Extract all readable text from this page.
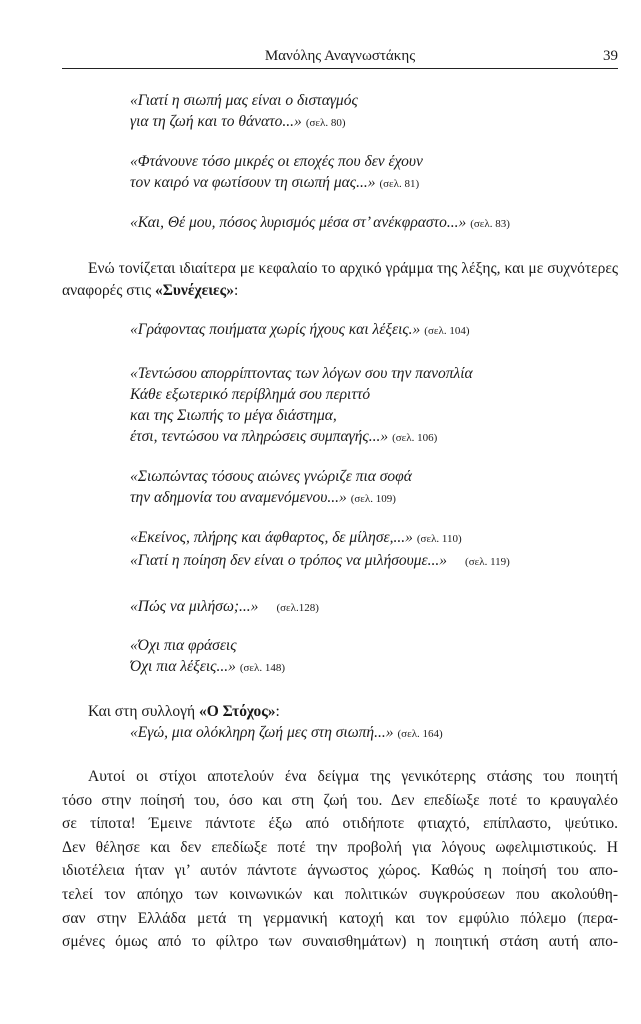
Μανόλης Αναγνωστάκης	39
«Γιατί η σιωπή μας είναι ο δισταγμός
για τη ζωή και το θάνατο...» (σελ. 80)
«Φτάνουνε τόσο μικρές οι εποχές που δεν έχουν
τον καιρό να φωτίσουν τη σιωπή μας...» (σελ. 81)
«Και, Θέ μου, πόσος λυρισμός μέσα στ’ ανέκφραστο...» (σελ. 83)
Ενώ τονίζεται ιδιαίτερα με κεφαλαίο το αρχικό γράμμα της λέξης, και με συχνότερες αναφορές στις «Συνέχειες»:
«Γράφοντας ποιήματα χωρίς ήχους και λέξεις.» (σελ. 104)
«Τεντώσου απορρίπτοντας των λόγων σου την πανοπλία
Κάθε εξωτερικό περίβλημά σου περιττό
και της Σιωπής το μέγα διάστημα,
έτσι, τεντώσου να πληρώσεις συμπαγής...» (σελ. 106)
«Σιωπώντας τόσους αιώνες γνώριζε πια σοφά
την αδημονία του αναμενόμενου...» (σελ. 109)
«Εκείνος, πλήρης και άφθαρτος, δε μίλησε,...» (σελ. 110)
«Γιατί η ποίηση δεν είναι ο τρόπος να μιλήσουμε...» (σελ. 119)
«Πώς να μιλήσω;...» (σελ.128)
«Όχι πια φράσεις
Όχι πια λέξεις...» (σελ. 148)
Και στη συλλογή «Ο Στόχος»:
«Εγώ, μια ολόκληρη ζωή μες στη σιωπή...» (σελ. 164)
Αυτοί οι στίχοι αποτελούν ένα δείγμα της γενικότερης στάσης του ποιητή
τόσο στην ποίησή του, όσο και στη ζωή του. Δεν επεδίωξε ποτέ το κραυγαλέο
σε τίποτα! Έμεινε πάντοτε έξω από οτιδήποτε φτιαχτό, επίπλαστο, ψεύτικο.
Δεν θέλησε και δεν επεδίωξε ποτέ την προβολή για λόγους ωφελιμιστικούς. Η
ιδιοτέλεια ήταν γι’ αυτόν πάντοτε άγνωστος χώρος. Καθώς η ποίησή του απο-
τελεί τον απόηχο των κοινωνικών και πολιτικών συγκρούσεων που ακολούθη-
σαν στην Ελλάδα μετά τη γερμανική κατοχή και τον εμφύλιο πόλεμο (περα-
σμένες όμως από το φίλτρο των συναισθημάτων) η ποιητική στάση αυτή απο-
